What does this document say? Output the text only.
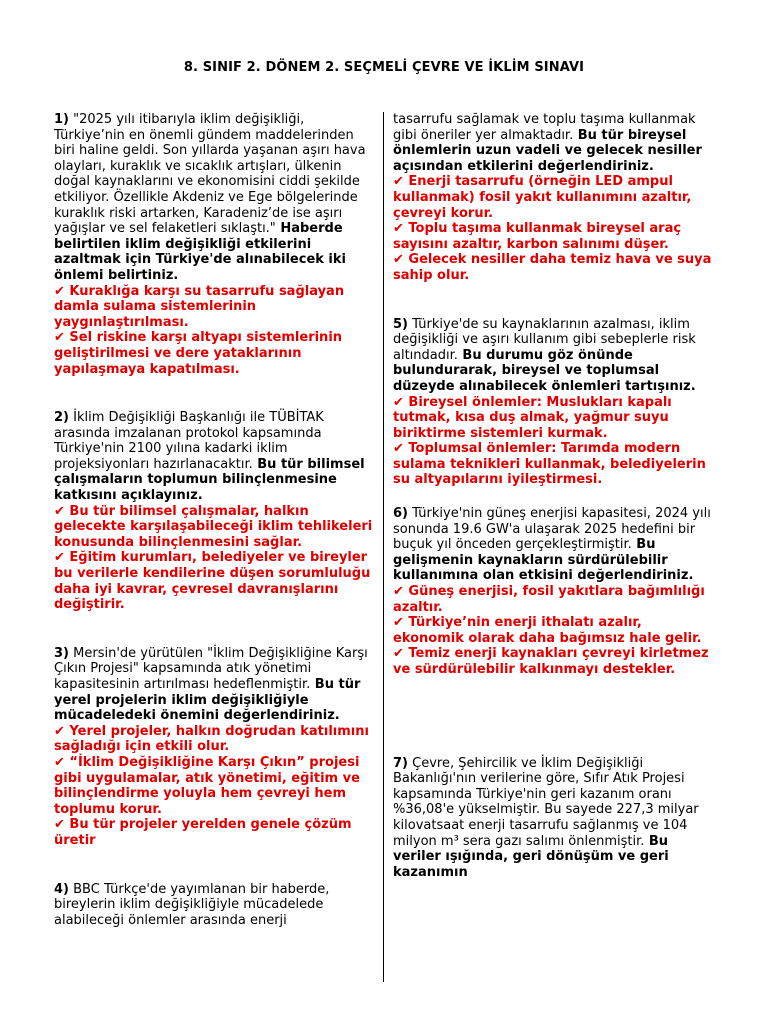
8. SINIF 2. DÖNEM 2. SEÇMELİ ÇEVRE VE İKLİM SINAVI

1) "2025 yılı itibarıyla iklim değişikliği, Türkiye’nin en önemli gündem maddelerinden biri haline geldi. Son yıllarda yaşanan aşırı hava olayları, kuraklık ve sıcaklık artışları, ülkenin doğal kaynaklarını ve ekonomisini ciddi şekilde etkiliyor. Özellikle Akdeniz ve Ege bölgelerinde kuraklık riski artarken, Karadeniz’de ise aşırı yağışlar ve sel felaketleri sıklaştı." Haberde belirtilen iklim değişikliği etkilerini azaltmak için Türkiye'de alınabilecek iki önlemi belirtiniz.

✔ Kuraklığa karşı su tasarrufu sağlayan damla sulama sistemlerinin yaygınlaştırılması.

✔ Sel riskine karşı altyapı sistemlerinin geliştirilmesi ve dere yataklarının yapılaşmaya kapatılması.

2) İklim Değişikliği Başkanlığı ile TÜBİTAK arasında imzalanan protokol kapsamında Türkiye'nin 2100 yılına kadarki iklim projeksiyonları hazırlanacaktır. Bu tür bilimsel çalışmaların toplumun bilinçlenmesine katkısını açıklayınız.

✔ Bu tür bilimsel çalışmalar, halkın gelecekte karşılaşabileceği iklim tehlikeleri konusunda bilinçlenmesini sağlar.

✔ Eğitim kurumları, belediyeler ve bireyler bu verilerle kendilerine düşen sorumluluğu daha iyi kavrar, çevresel davranışlarını değiştirir.

3) Mersin'de yürütülen "İklim Değişikliğine Karşı Çıkın Projesi" kapsamında atık yönetimi kapasitesinin artırılması hedeflenmiştir. Bu tür yerel projelerin iklim değişikliğiyle mücadeledeki önemini değerlendiriniz.

✔ Yerel projeler, halkın doğrudan katılımını sağladığı için etkili olur.

✔ “İklim Değişikliğine Karşı Çıkın” projesi gibi uygulamalar, atık yönetimi, eğitim ve bilinçlendirme yoluyla hem çevreyi hem toplumu korur.

✔ Bu tür projeler yerelden genele çözüm üretir

4) BBC Türkçe'de yayımlanan bir haberde, bireylerin iklim değişikliğiyle mücadelede alabileceği önlemler arasında enerji

tasarrufu sağlamak ve toplu taşıma kullanmak gibi öneriler yer almaktadır. Bu tür bireysel önlemlerin uzun vadeli ve gelecek nesiller açısından etkilerini değerlendiriniz.

✔ Enerji tasarrufu (örneğin LED ampul kullanmak) fosil yakıt kullanımını azaltır, çevreyi korur.

✔ Toplu taşıma kullanmak bireysel araç sayısını azaltır, karbon salınımı düşer.

✔ Gelecek nesiller daha temiz hava ve suya sahip olur.

5) Türkiye'de su kaynaklarının azalması, iklim değişikliği ve aşırı kullanım gibi sebeplerle risk altındadır. Bu durumu göz önünde bulundurarak, bireysel ve toplumsal düzeyde alınabilecek önlemleri tartışınız.

✔ Bireysel önlemler: Muslukları kapalı tutmak, kısa duş almak, yağmur suyu biriktirme sistemleri kurmak.

✔ Toplumsal önlemler: Tarımda modern sulama teknikleri kullanmak, belediyelerin su altyapılarını iyileştirmesi.

6) Türkiye'nin güneş enerjisi kapasitesi, 2024 yılı sonunda 19.6 GW'a ulaşarak 2025 hedefini bir buçuk yıl önceden gerçekleştirmiştir. Bu gelişmenin kaynakların sürdürülebilir kullanımına olan etkisini değerlendiriniz.

✔ Güneş enerjisi, fosil yakıtlara bağımlılığı azaltır.

✔ Türkiye’nin enerji ithalatı azalır, ekonomik olarak daha bağımsız hale gelir.

✔ Temiz enerji kaynakları çevreyi kirletmez ve sürdürülebilir kalkınmayı destekler.

7) Çevre, Şehircilik ve İklim Değişikliği Bakanlığı'nın verilerine göre, Sıfır Atık Projesi kapsamında Türkiye'nin geri kazanım oranı %36,08'e yükselmiştir. Bu sayede 227,3 milyar kilovatsaat enerji tasarrufu sağlanmış ve 104 milyon m³ sera gazı salımı önlenmiştir. Bu veriler ışığında, geri dönüşüm ve geri kazanımın
